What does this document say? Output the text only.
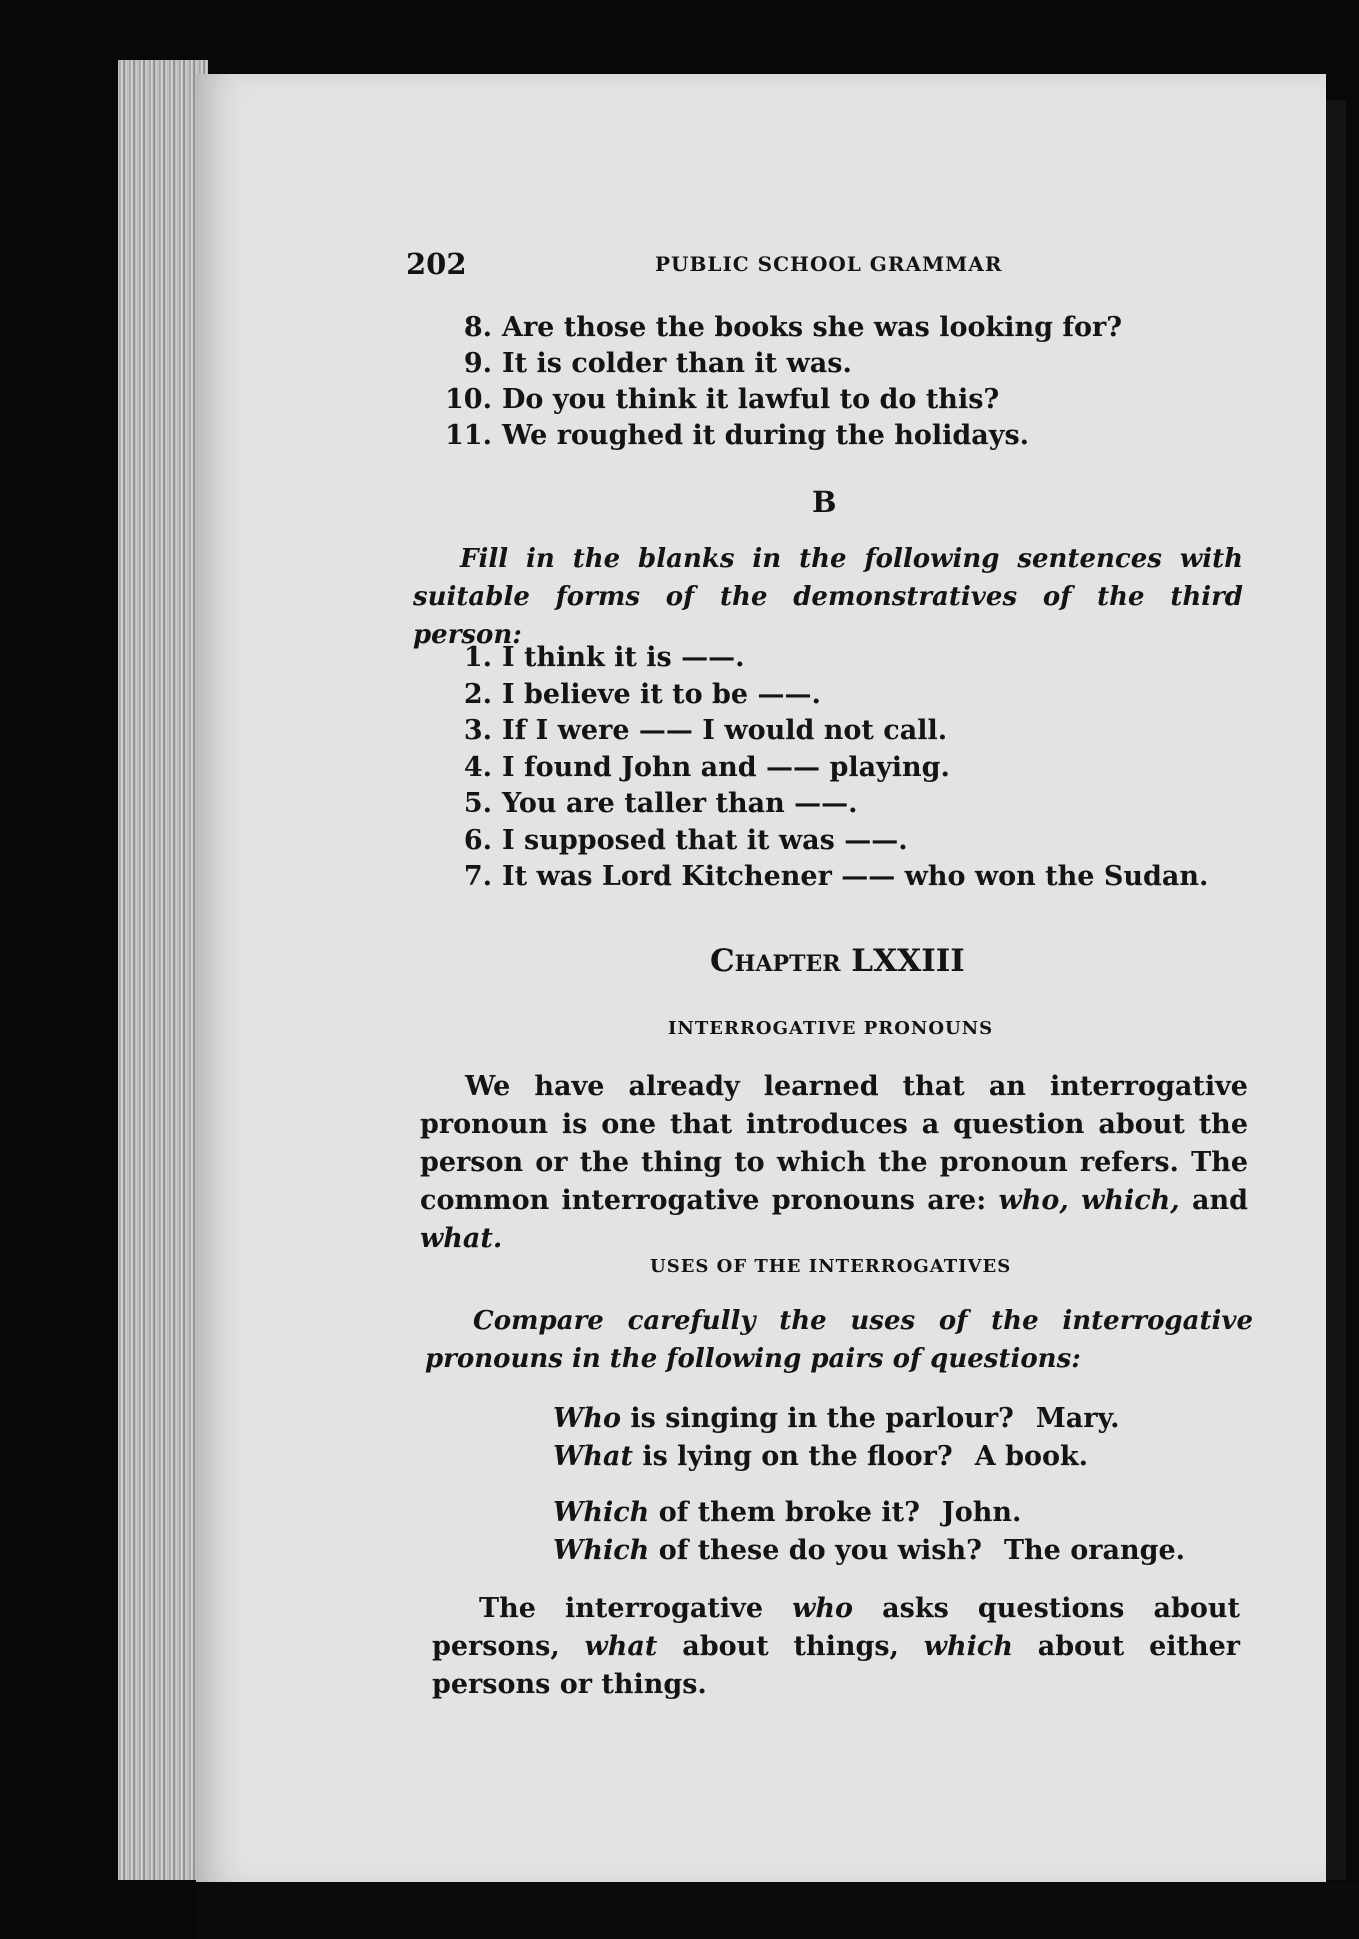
202	PUBLIC SCHOOL GRAMMAR
8. Are those the books she was looking for?
9. It is colder than it was.
10. Do you think it lawful to do this?
11. We roughed it during the holidays.
B

Fill in the blanks in the following sentences with suitable forms of the demonstratives of the third person:

1. I think it is ——.
2. I believe it to be ——.
3. If I were —— I would not call.
4. I found John and —— playing.
5. You are taller than ——.
6. I supposed that it was ——.
7. It was Lord Kitchener —— who won the Sudan.
Chapter LXXIII
INTERROGATIVE PRONOUNS

We have already learned that an interrogative pronoun is one that introduces a question about the person or the thing to which the pronoun refers. The common interrogative pronouns are: who, which, and what.

USES OF THE INTERROGATIVES

Compare carefully the uses of the interrogative pronouns in the following pairs of questions:

Who is singing in the parlour? Mary.
What is lying on the floor? A book.
Which of them broke it? John.
Which of these do you wish? The orange.

The interrogative who asks questions about persons, what about things, which about either persons or things.
